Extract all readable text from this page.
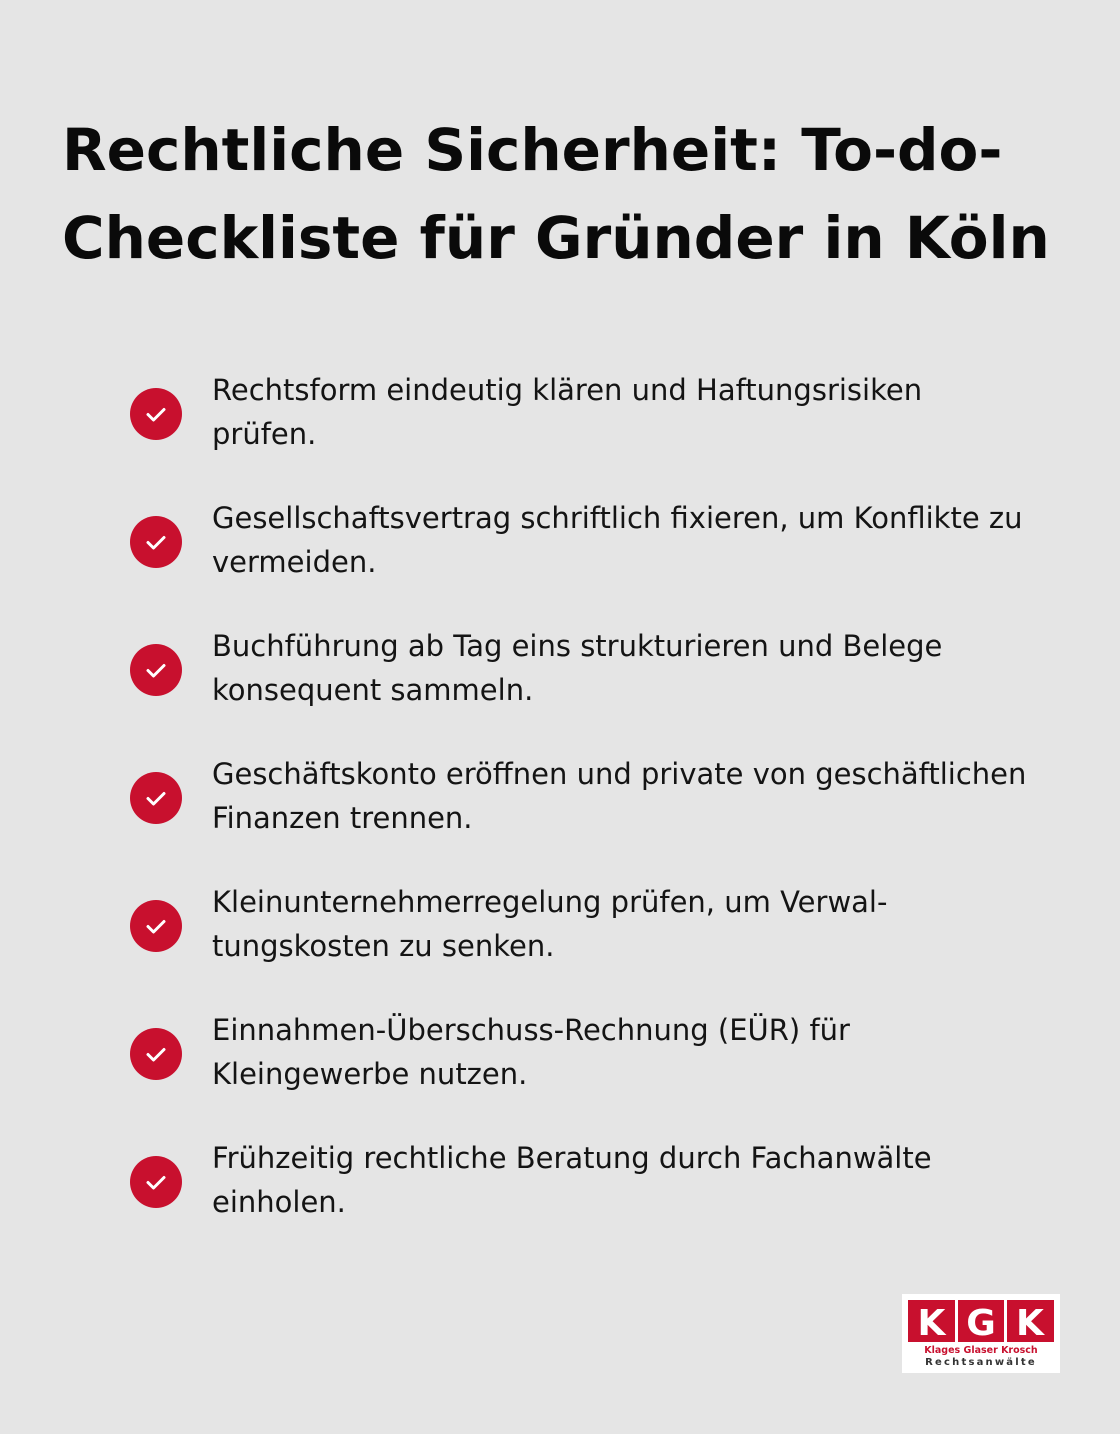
Rechtliche Sicherheit: To-do-
Checkliste für Gründer in Köln
Rechtsform eindeutig klären und Haftungsrisiken
prüfen.
Gesellschaftsvertrag schriftlich fixieren, um Konflikte zu
vermeiden.
Buchführung ab Tag eins strukturieren und Belege
konsequent sammeln.
Geschäftskonto eröffnen und private von geschäftlichen
Finanzen trennen.
Kleinunternehmerregelung prüfen, um Verwal-
tungskosten zu senken.
Einnahmen-Überschuss-Rechnung (EÜR) für
Kleingewerbe nutzen.
Frühzeitig rechtliche Beratung durch Fachanwälte
einholen.
K G K
Klages Glaser Krosch
Rechtsanwälte
